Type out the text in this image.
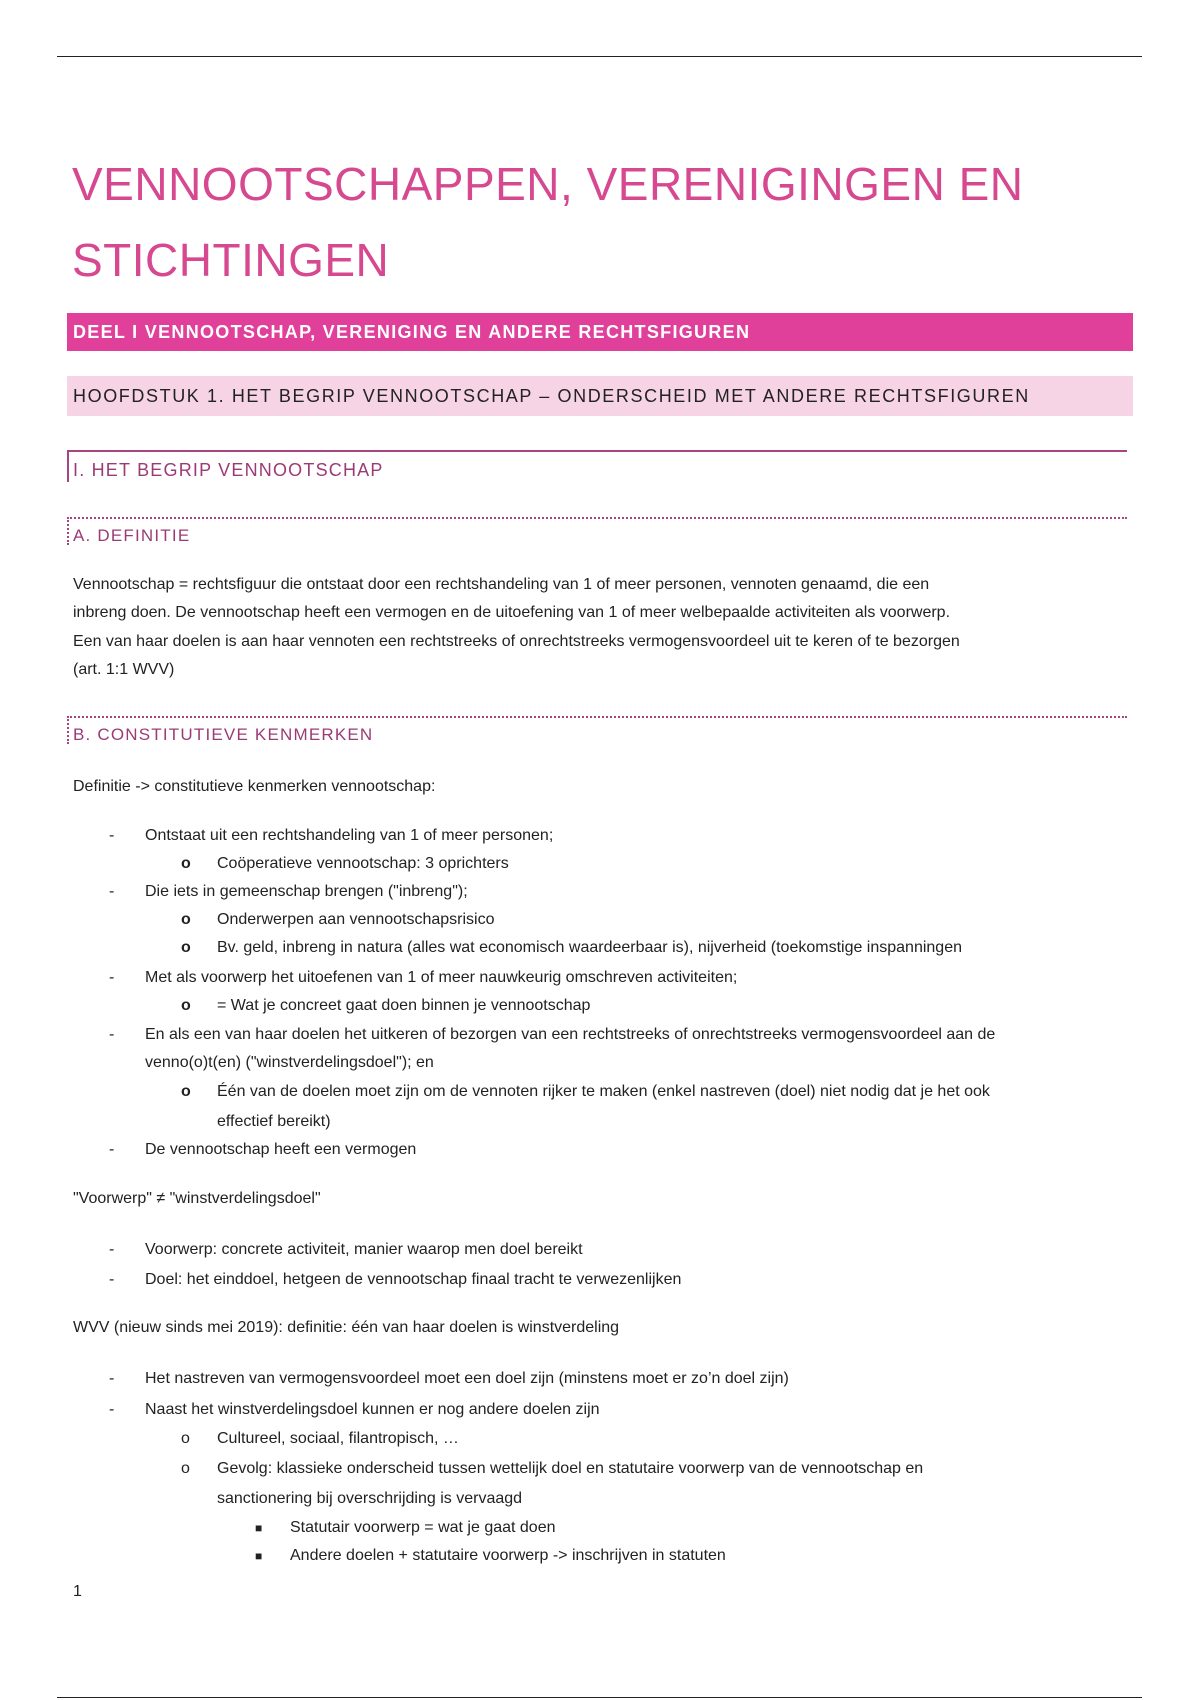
VENNOOTSCHAPPEN, VERENIGINGEN EN
STICHTINGEN
DEEL I VENNOOTSCHAP, VERENIGING EN ANDERE RECHTSFIGUREN
HOOFDSTUK 1. HET BEGRIP VENNOOTSCHAP – ONDERSCHEID MET ANDERE RECHTSFIGUREN
I. HET BEGRIP VENNOOTSCHAP
A. DEFINITIE
Vennootschap = rechtsfiguur die ontstaat door een rechtshandeling van 1 of meer personen, vennoten genaamd, die een
inbreng doen. De vennootschap heeft een vermogen en de uitoefening van 1 of meer welbepaalde activiteiten als voorwerp.
Een van haar doelen is aan haar vennoten een rechtstreeks of onrechtstreeks vermogensvoordeel uit te keren of te bezorgen
(art. 1:1 WVV)
B. CONSTITUTIEVE KENMERKEN
Definitie -> constitutieve kenmerken vennootschap:
- Ontstaat uit een rechtshandeling van 1 of meer personen;
o Coöperatieve vennootschap: 3 oprichters
- Die iets in gemeenschap brengen ("inbreng");
o Onderwerpen aan vennootschapsrisico
o Bv. geld, inbreng in natura (alles wat economisch waardeerbaar is), nijverheid (toekomstige inspanningen
- Met als voorwerp het uitoefenen van 1 of meer nauwkeurig omschreven activiteiten;
o = Wat je concreet gaat doen binnen je vennootschap
- En als een van haar doelen het uitkeren of bezorgen van een rechtstreeks of onrechtstreeks vermogensvoordeel aan de
venno(o)t(en) ("winstverdelingsdoel"); en
o Één van de doelen moet zijn om de vennoten rijker te maken (enkel nastreven (doel) niet nodig dat je het ook
effectief bereikt)
- De vennootschap heeft een vermogen
"Voorwerp" ≠ "winstverdelingsdoel"
- Voorwerp: concrete activiteit, manier waarop men doel bereikt
- Doel: het einddoel, hetgeen de vennootschap finaal tracht te verwezenlijken
WVV (nieuw sinds mei 2019): definitie: één van haar doelen is winstverdeling
- Het nastreven van vermogensvoordeel moet een doel zijn (minstens moet er zo’n doel zijn)
- Naast het winstverdelingsdoel kunnen er nog andere doelen zijn
o Cultureel, sociaal, filantropisch, …
o Gevolg: klassieke onderscheid tussen wettelijk doel en statutaire voorwerp van de vennootschap en
sanctionering bij overschrijding is vervaagd
■ Statutair voorwerp = wat je gaat doen
■ Andere doelen + statutaire voorwerp -> inschrijven in statuten
1
